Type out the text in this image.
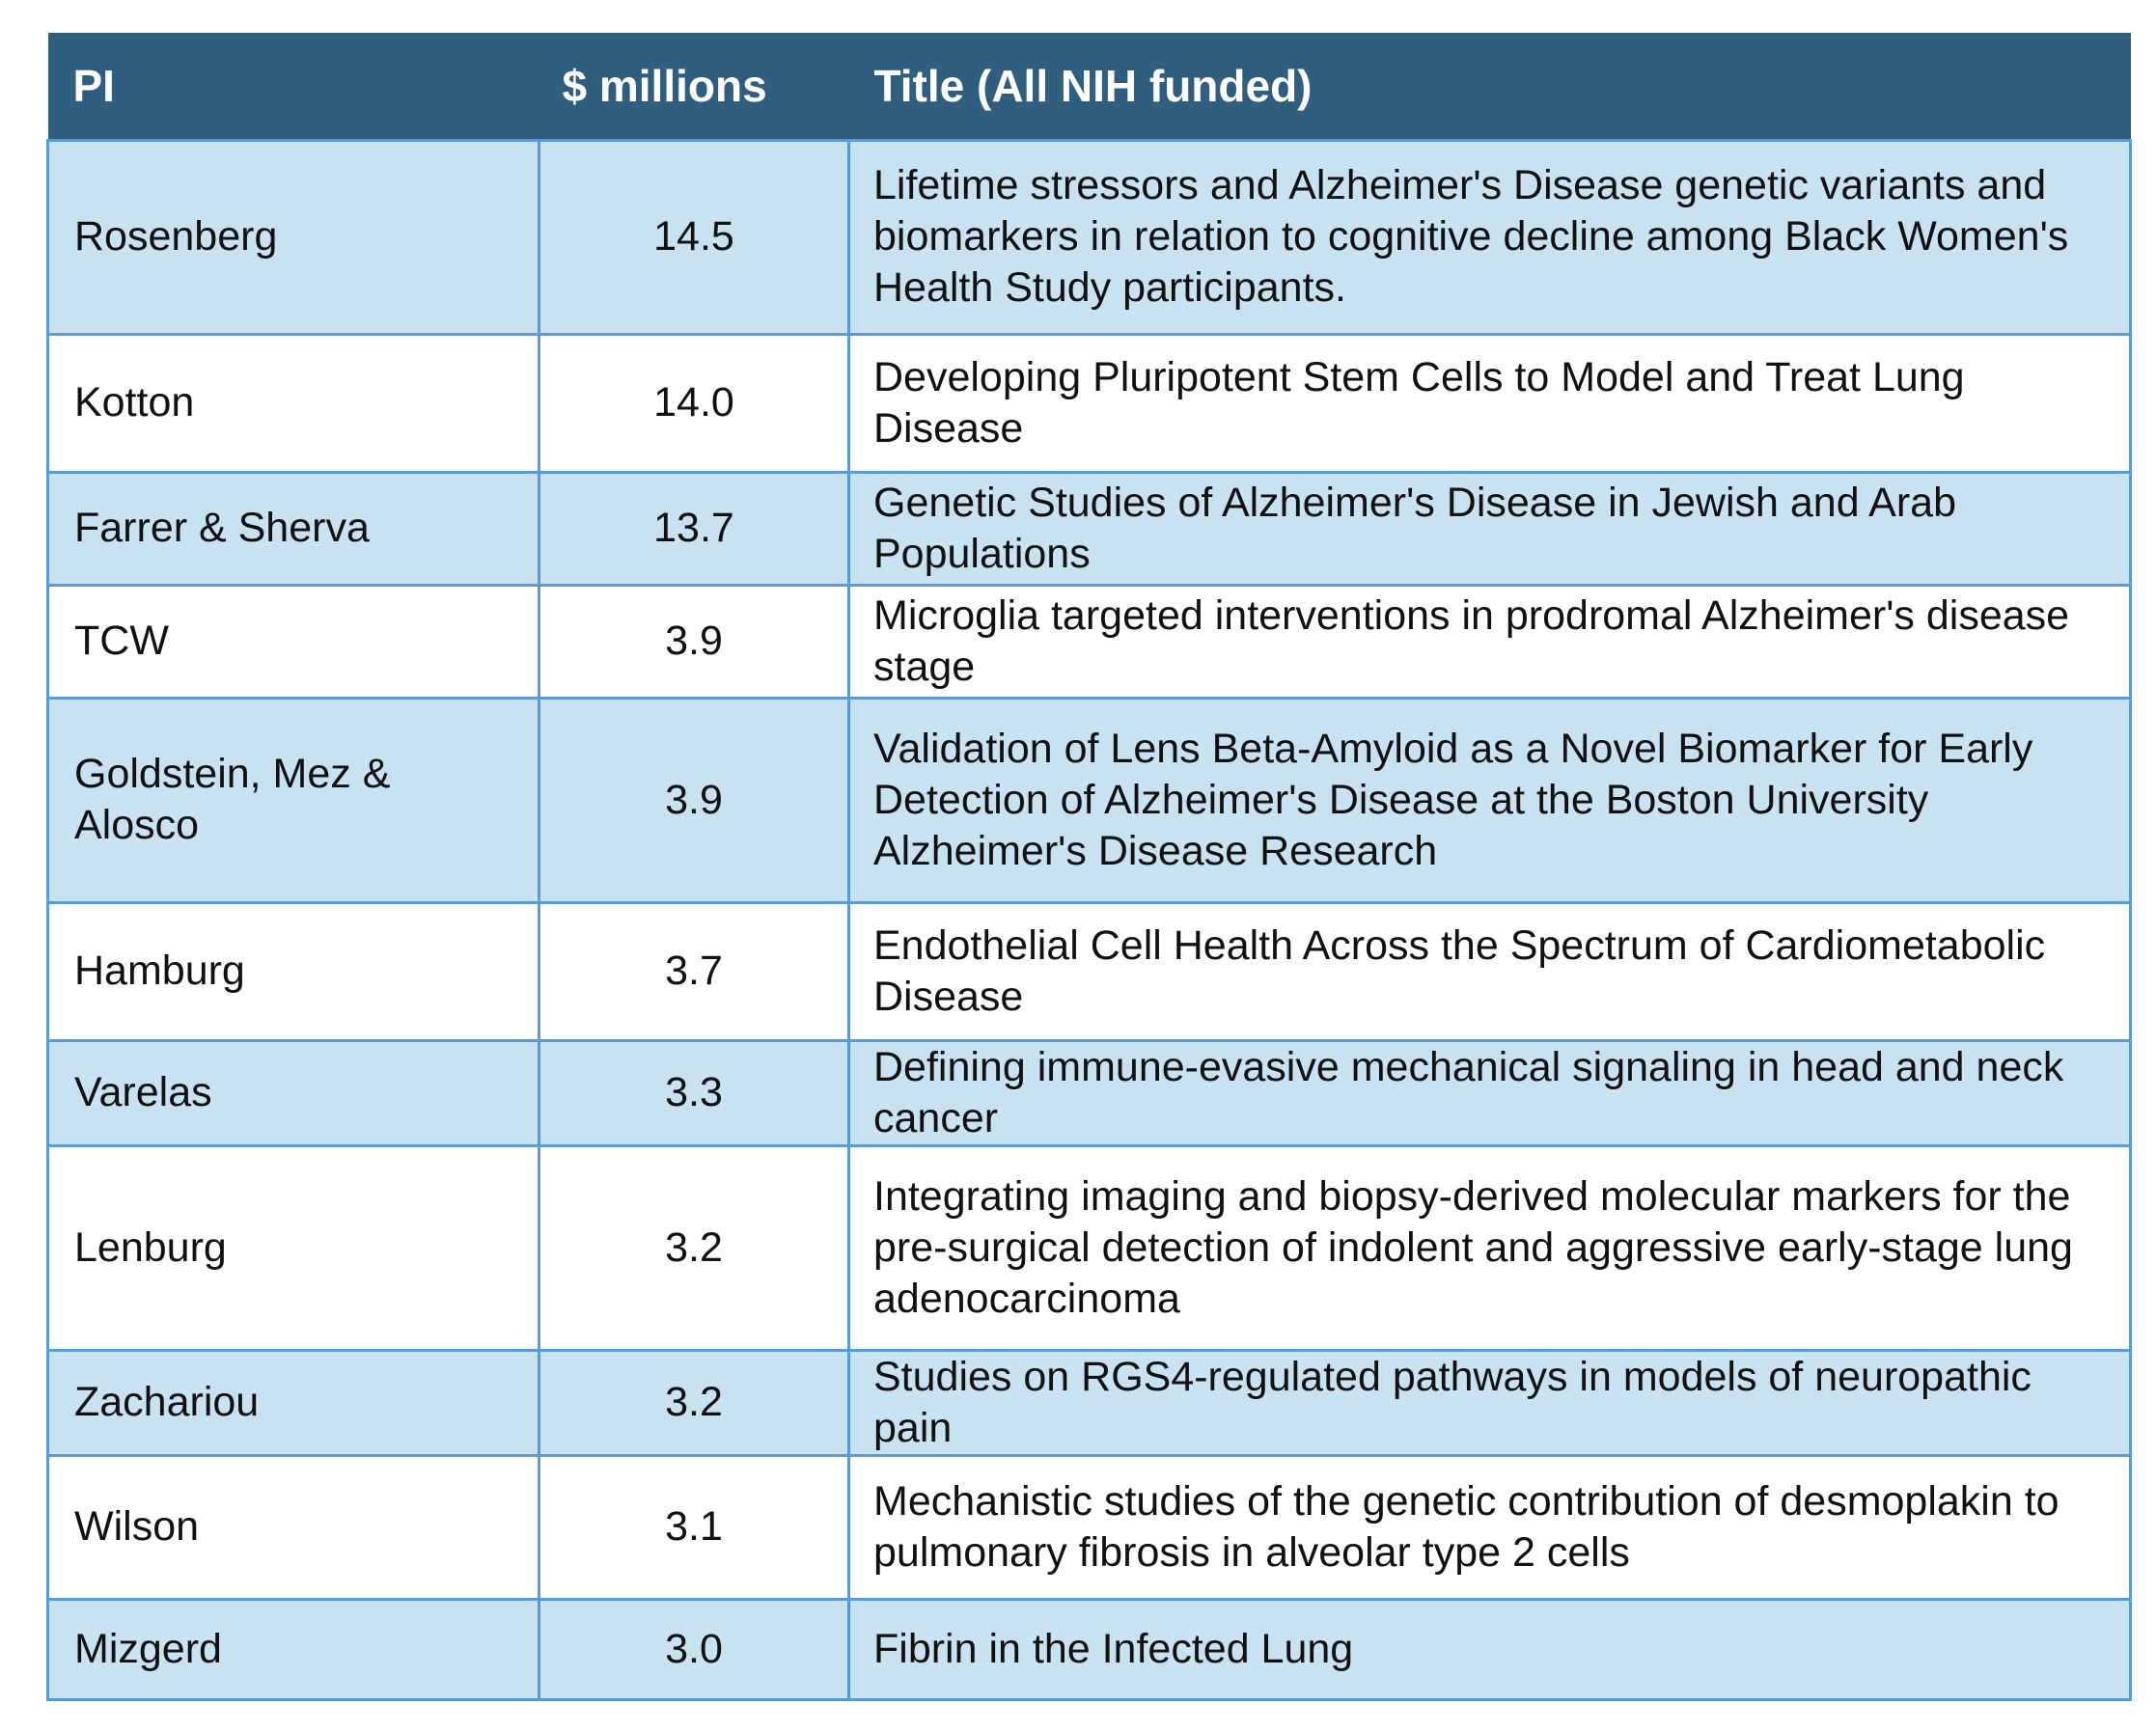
PI	$ millions	Title (All NIH funded)
Rosenberg	14.5	Lifetime stressors and Alzheimer's Disease genetic variants and biomarkers in relation to cognitive decline among Black Women's Health Study participants.
Kotton	14.0	Developing Pluripotent Stem Cells to Model and Treat Lung Disease
Farrer & Sherva	13.7	Genetic Studies of Alzheimer's Disease in Jewish and Arab Populations
TCW	3.9	Microglia targeted interventions in prodromal Alzheimer's disease stage
Goldstein, Mez & Alosco	3.9	Validation of Lens Beta-Amyloid as a Novel Biomarker for Early Detection of Alzheimer's Disease at the Boston University Alzheimer's Disease Research
Hamburg	3.7	Endothelial Cell Health Across the Spectrum of Cardiometabolic Disease
Varelas	3.3	Defining immune-evasive mechanical signaling in head and neck cancer
Lenburg	3.2	Integrating imaging and biopsy-derived molecular markers for the pre-surgical detection of indolent and aggressive early-stage lung adenocarcinoma
Zachariou	3.2	Studies on RGS4-regulated pathways in models of neuropathic pain
Wilson	3.1	Mechanistic studies of the genetic contribution of desmoplakin to pulmonary fibrosis in alveolar type 2 cells
Mizgerd	3.0	Fibrin in the Infected Lung
